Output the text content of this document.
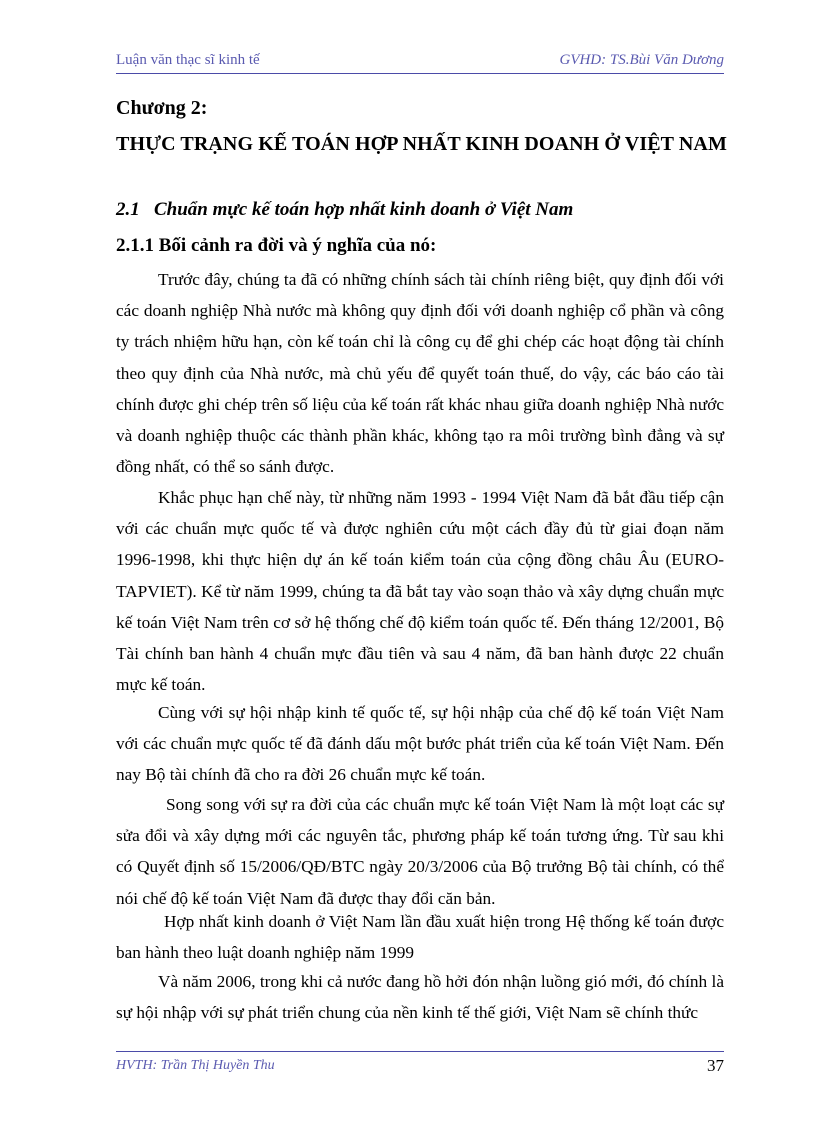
Luận văn thạc sĩ kinh tế	GVHD: TS.Bùi Văn Dương
Chương 2:
THỰC TRẠNG KẾ TOÁN HỢP NHẤT KINH DOANH Ở VIỆT NAM
2.1 Chuẩn mực kế toán hợp nhất kinh doanh ở Việt Nam
2.1.1 Bối cảnh ra đời và ý nghĩa của nó:
Trước đây, chúng ta đã có những chính sách tài chính riêng biệt, quy định đối với các doanh nghiệp Nhà nước mà không quy định đối với doanh nghiệp cổ phần và công ty trách nhiệm hữu hạn, còn kế toán chỉ là công cụ để ghi chép các hoạt động tài chính theo quy định của Nhà nước, mà chủ yếu để quyết toán thuế, do vậy, các báo cáo tài chính được ghi chép trên số liệu của kế toán rất khác nhau giữa doanh nghiệp Nhà nước và doanh nghiệp thuộc các thành phần khác, không tạo ra môi trường bình đẳng và sự đồng nhất, có thể so sánh được.
Khắc phục hạn chế này, từ những năm 1993 - 1994 Việt Nam đã bắt đầu tiếp cận với các chuẩn mực quốc tế và được nghiên cứu một cách đầy đủ từ giai đoạn năm 1996-1998, khi thực hiện dự án kế toán kiểm toán của cộng đồng châu Âu (EURO-TAPVIET). Kể từ năm 1999, chúng ta đã bắt tay vào soạn thảo và xây dựng chuẩn mực kế toán Việt Nam trên cơ sở hệ thống chế độ kiểm toán quốc tế. Đến tháng 12/2001, Bộ Tài chính ban hành 4 chuẩn mực đầu tiên và sau 4 năm, đã ban hành được 22 chuẩn mực kế toán.
Cùng với sự hội nhập kinh tế quốc tế, sự hội nhập của chế độ kế toán Việt Nam với các chuẩn mực quốc tế đã đánh dấu một bước phát triển của kế toán Việt Nam. Đến nay Bộ tài chính đã cho ra đời 26 chuẩn mực kế toán.
Song song với sự ra đời của các chuẩn mực kế toán Việt Nam là một loạt các sự sửa đổi và xây dựng mới các nguyên tắc, phương pháp kế toán tương ứng. Từ sau khi có Quyết định số 15/2006/QĐ/BTC ngày 20/3/2006 của Bộ trưởng Bộ tài chính, có thể nói chế độ kế toán Việt Nam đã được thay đổi căn bản.
Hợp nhất kinh doanh ở Việt Nam lần đầu xuất hiện trong Hệ thống kế toán được ban hành theo luật doanh nghiệp năm 1999
Và năm 2006, trong khi cả nước đang hồ hởi đón nhận luồng gió mới, đó chính là sự hội nhập với sự phát triển chung của nền kinh tế thế giới, Việt Nam sẽ chính thức
HVTH: Trần Thị Huyền Thu	37
